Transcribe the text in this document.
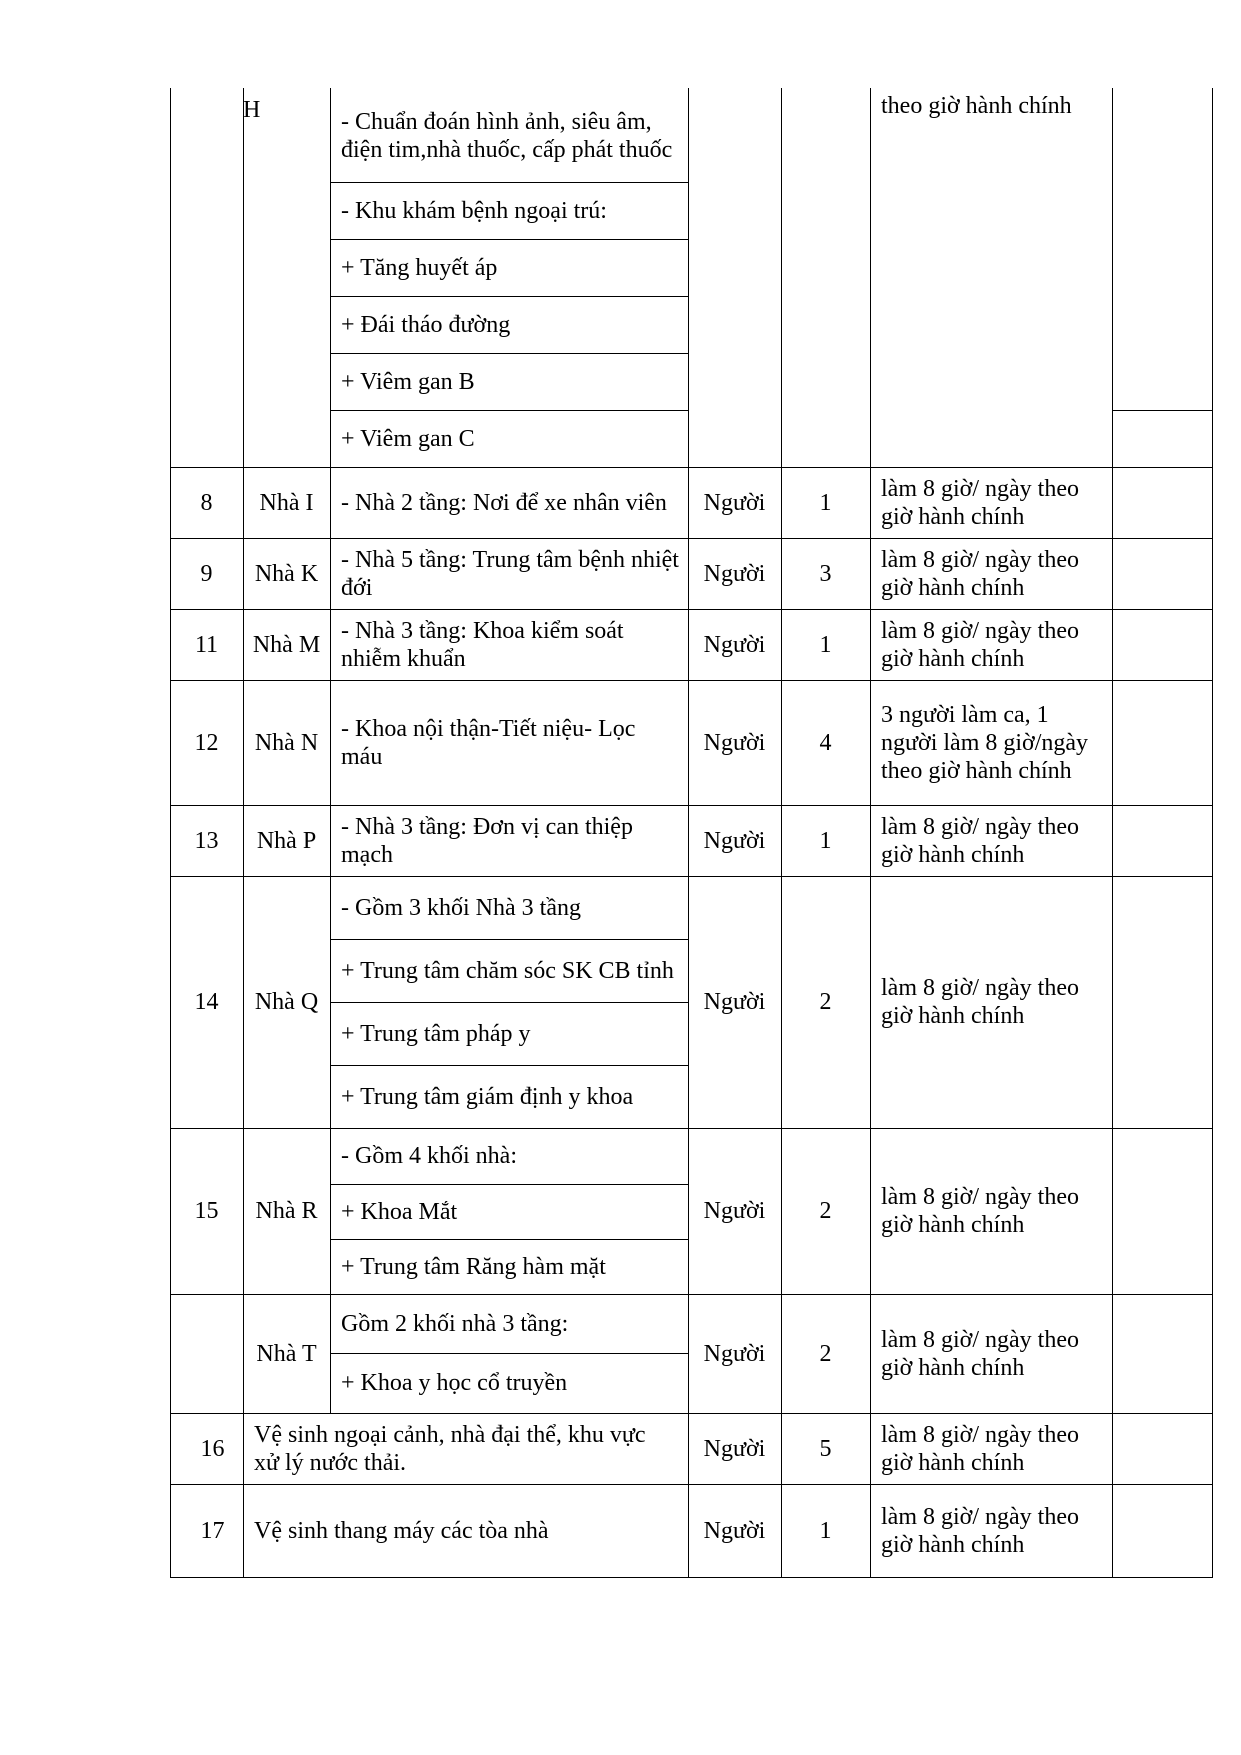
H	- Chuẩn đoán hình ảnh, siêu âm, điện tim,nhà thuốc, cấp phát thuốc
- Khu khám bệnh ngoại trú:
+ Tăng huyết áp
+ Đái tháo đường
+ Viêm gan B
+ Viêm gan C
theo giờ hành chính
8 Nhà I - Nhà 2 tầng: Nơi để xe nhân viên Người 1
làm 8 giờ/ ngày theo giờ hành chính
9 Nhà K
- Nhà 5 tầng: Trung tâm bệnh nhiệt đới
Người 3
làm 8 giờ/ ngày theo giờ hành chính
11 Nhà M
- Nhà 3 tầng: Khoa kiểm soát nhiễm khuẩn
Người 1
làm 8 giờ/ ngày theo giờ hành chính
12 Nhà N
- Khoa nội thận-Tiết niệu- Lọc máu
Người 4
3 người làm ca, 1 người làm 8 giờ/ngày theo giờ hành chính
13 Nhà P
- Nhà 3 tầng: Đơn vị can thiệp mạch
Người 1
làm 8 giờ/ ngày theo giờ hành chính
14 Nhà Q
- Gồm 3 khối Nhà 3 tầng
+ Trung tâm chăm sóc SK CB tỉnh
+ Trung tâm pháp y
+ Trung tâm giám định y khoa
Người 2
làm 8 giờ/ ngày theo giờ hành chính
15 Nhà R
- Gồm 4 khối nhà:
+ Khoa Mắt
+ Trung tâm Răng hàm mặt
Người 2
làm 8 giờ/ ngày theo giờ hành chính
Nhà T
Gồm 2 khối nhà 3 tầng:
+ Khoa y học cổ truyền
Người 2
làm 8 giờ/ ngày theo giờ hành chính
16
Vệ sinh ngoại cảnh, nhà đại thể, khu vực xử lý nước thải.
Người 5
làm 8 giờ/ ngày theo giờ hành chính
17 Vệ sinh thang máy các tòa nhà	Người 1
làm 8 giờ/ ngày theo giờ hành chính
